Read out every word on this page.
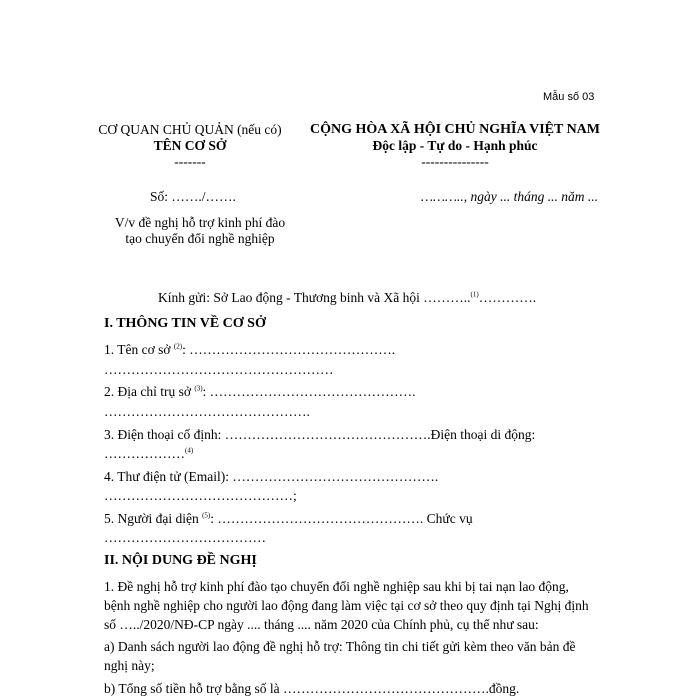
Mẫu số 03
CƠ QUAN CHỦ QUẢN (nếu có)
TÊN CƠ SỞ
-------
CỘNG HÒA XÃ HỘI CHỦ NGHĨA VIỆT NAM
Độc lập - Tự do - Hạnh phúc
---------------
Số: ……./…….	……….., ngày ... tháng ... năm ...
V/v đề nghị hỗ trợ kinh phí đào
tạo chuyển đổi nghề nghiệp
Kính gửi: Sở Lao động - Thương binh và Xã hội ………..$^{(1)}$………….
I. THÔNG TIN VỀ CƠ SỞ
1. Tên cơ sở $^{(2)}$: ……………………………………….
……………………………………………
2. Địa chỉ trụ sở $^{(3)}$: ……………………………………….
……………………………………….
3. Điện thoại cố định: ……………………………………….Điện thoại di động:
………………$^{(4)}$
4. Thư điện tử (Email): ……………………………………….
……………………………………;
5. Người đại diện $^{(5)}$: ………………………………………. Chức vụ
………………………………
II. NỘI DUNG ĐỀ NGHỊ
1. Đề nghị hỗ trợ kinh phí đào tạo chuyển đổi nghề nghiệp sau khi bị tai nạn lao động,
bệnh nghề nghiệp cho người lao động đang làm việc tại cơ sở theo quy định tại Nghị định
số …../2020/NĐ-CP ngày .... tháng .... năm 2020 của Chính phủ, cụ thể như sau:
a) Danh sách người lao động đề nghị hỗ trợ: Thông tin chi tiết gửi kèm theo văn bản đề
nghị này;
b) Tổng số tiền hỗ trợ bằng số là ……………………………………….đồng.
